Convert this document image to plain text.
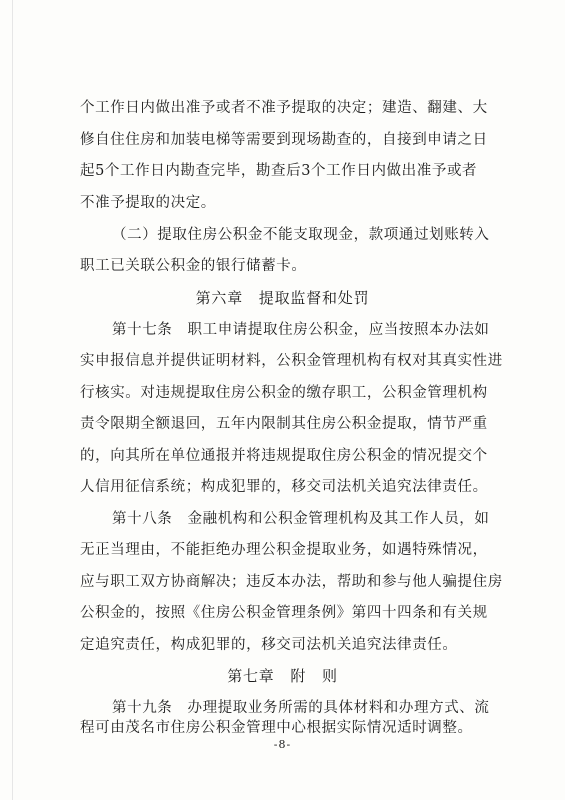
个工作日内做出准予或者不准予提取的决定；建造、翻建、大
修自住住房和加装电梯等需要到现场勘查的，自接到申请之日
起5个工作日内勘查完毕，勘查后3个工作日内做出准予或者
不准予提取的决定。
（二）提取住房公积金不能支取现金，款项通过划账转入
职工已关联公积金的银行储蓄卡。
第六章　提取监督和处罚
第十七条　职工申请提取住房公积金，应当按照本办法如
实申报信息并提供证明材料，公积金管理机构有权对其真实性进
行核实。对违规提取住房公积金的缴存职工，公积金管理机构
责令限期全额退回，五年内限制其住房公积金提取，情节严重
的，向其所在单位通报并将违规提取住房公积金的情况提交个
人信用征信系统；构成犯罪的，移交司法机关追究法律责任。
第十八条　金融机构和公积金管理机构及其工作人员，如
无正当理由，不能拒绝办理公积金提取业务，如遇特殊情况，
应与职工双方协商解决；违反本办法，帮助和参与他人骗提住房
公积金的，按照《住房公积金管理条例》第四十四条和有关规
定追究责任，构成犯罪的，移交司法机关追究法律责任。
第七章　附　则
第十九条　办理提取业务所需的具体材料和办理方式、流
程可由茂名市住房公积金管理中心根据实际情况适时调整。
-8-
